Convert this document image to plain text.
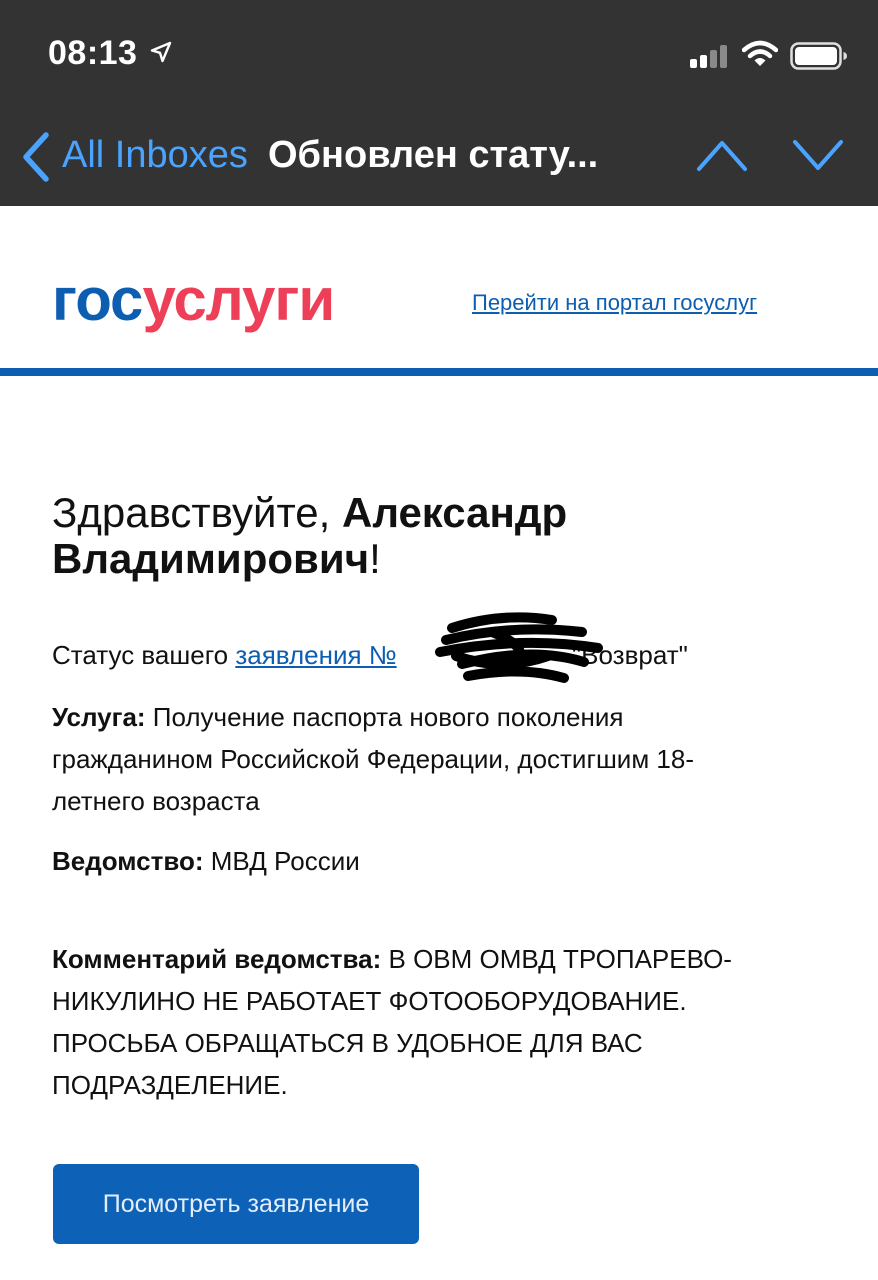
08:13
All Inboxes Обновлен стату...
госуслуги	Перейти на портал госуслуг
Здравствуйте, Александр Владимирович!
Статус вашего заявления №	"Возврат"
Услуга: Получение паспорта нового поколения гражданином Российской Федерации, достигшим 18-летнего возраста
Ведомство: МВД России
Комментарий ведомства: В ОВМ ОМВД ТРОПАРЕВО-НИКУЛИНО НЕ РАБОТАЕТ ФОТООБОРУДОВАНИЕ. ПРОСЬБА ОБРАЩАТЬСЯ В УДОБНОЕ ДЛЯ ВАС ПОДРАЗДЕЛЕНИЕ.
Посмотреть заявление
